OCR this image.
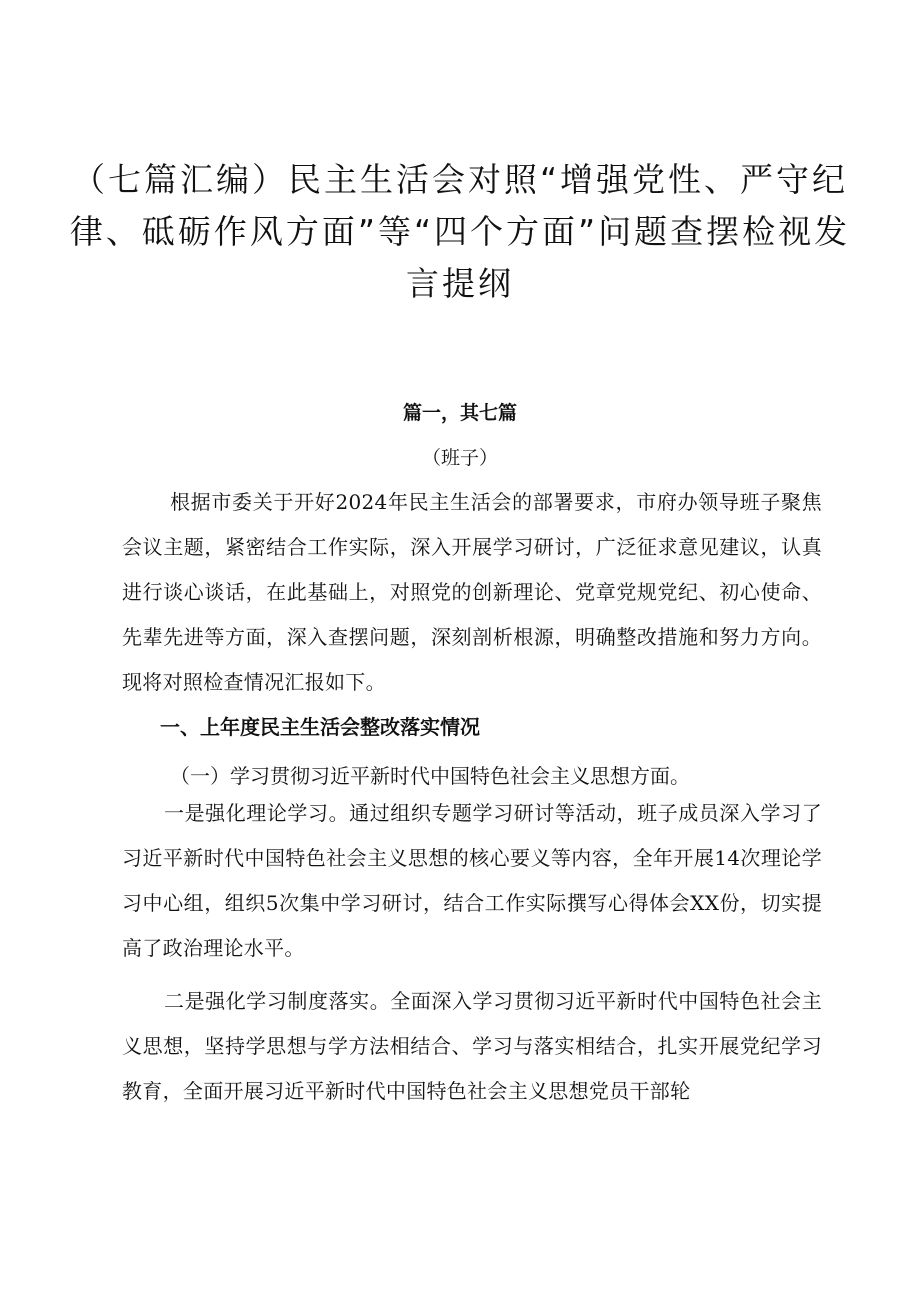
（七篇汇编）民主生活会对照“增强党性、严守纪律、砥砺作风方面”等“四个方面”问题查摆检视发言提纲

篇一，其七篇

（班子）

根据市委关于开好2024年民主生活会的部署要求，市府办领导班子聚焦会议主题，紧密结合工作实际，深入开展学习研讨，广泛征求意见建议，认真进行谈心谈话，在此基础上，对照党的创新理论、党章党规党纪、初心使命、先辈先进等方面，深入查摆问题，深刻剖析根源，明确整改措施和努力方向。现将对照检查情况汇报如下。

一、上年度民主生活会整改落实情况

（一）学习贯彻习近平新时代中国特色社会主义思想方面。

一是强化理论学习。通过组织专题学习研讨等活动，班子成员深入学习了习近平新时代中国特色社会主义思想的核心要义等内容，全年开展14次理论学习中心组，组织5次集中学习研讨，结合工作实际撰写心得体会XX份，切实提高了政治理论水平。

二是强化学习制度落实。全面深入学习贯彻习近平新时代中国特色社会主义思想，坚持学思想与学方法相结合、学习与落实相结合，扎实开展党纪学习教育，全面开展习近平新时代中国特色社会主义思想党员干部轮
